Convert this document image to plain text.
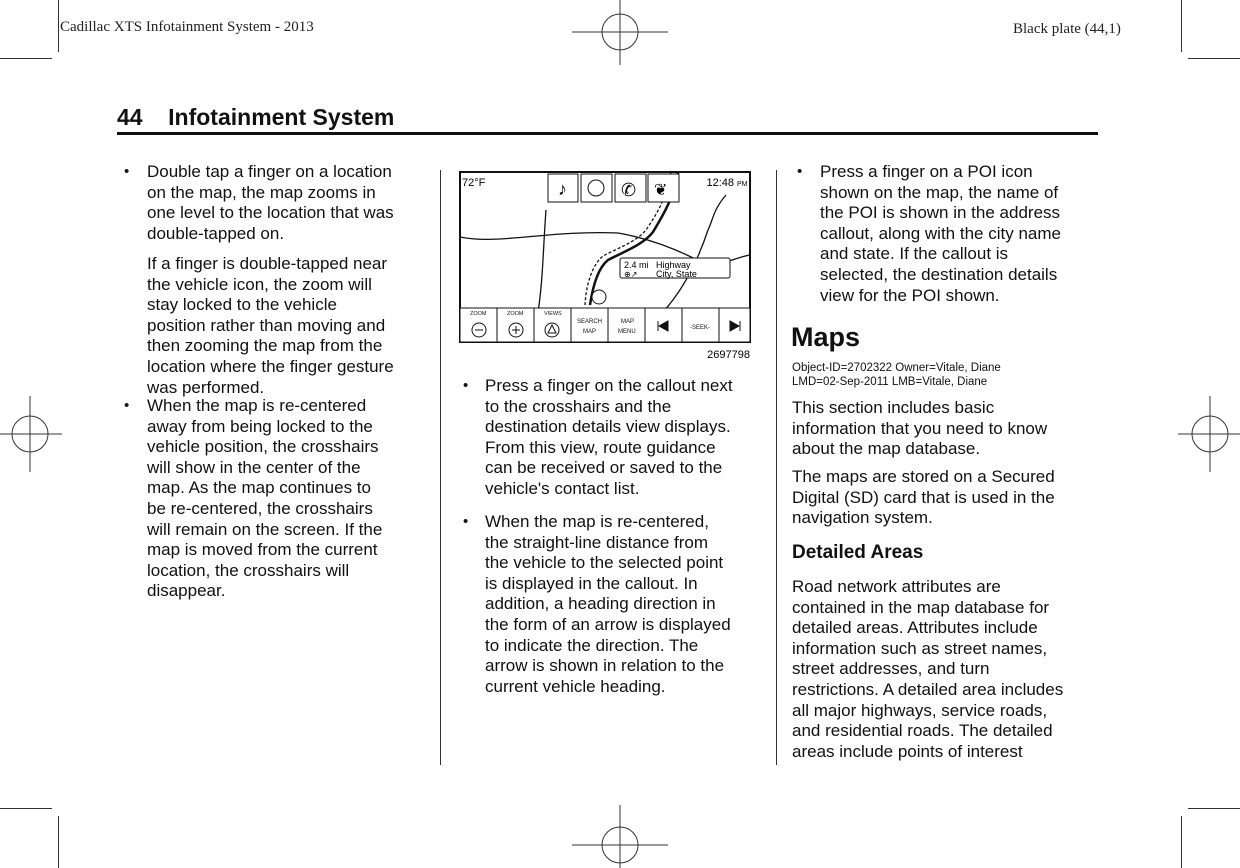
Cadillac XTS Infotainment System - 2013	Black plate (44,1)
44 Infotainment System
• Double tap a finger on a location
on the map, the map zooms in
one level to the location that was
double-tapped on.
If a finger is double-tapped near
the vehicle icon, the zoom will
stay locked to the vehicle
position rather than moving and
then zooming the map from the
location where the finger gesture
was performed.
• When the map is re-centered
away from being locked to the
vehicle position, the crosshairs
will show in the center of the
map. As the map continues to
be re-centered, the crosshairs
will remain on the screen. If the
map is moved from the current
location, the crosshairs will
disappear.
♪	✆ ❦
72°F	12:48 PM
2.4 mi
⊕↗
Highway
City, State
ZOOM	ZOOM	VIEWS
SEARCH
MAP
MAP
MENU
-SEEK-
2697798
• Press a finger on the callout next
to the crosshairs and the
destination details view displays.
From this view, route guidance
can be received or saved to the
vehicle's contact list.
• When the map is re-centered,
the straight-line distance from
the vehicle to the selected point
is displayed in the callout. In
addition, a heading direction in
the form of an arrow is displayed
to indicate the direction. The
arrow is shown in relation to the
current vehicle heading.
• Press a finger on a POI icon
shown on the map, the name of
the POI is shown in the address
callout, along with the city name
and state. If the callout is
selected, the destination details
view for the POI shown.
Maps
Object-ID=2702322 Owner=Vitale, Diane
LMD=02-Sep-2011 LMB=Vitale, Diane
This section includes basic
information that you need to know
about the map database.
The maps are stored on a Secured
Digital (SD) card that is used in the
navigation system.
Detailed Areas
Road network attributes are
contained in the map database for
detailed areas. Attributes include
information such as street names,
street addresses, and turn
restrictions. A detailed area includes
all major highways, service roads,
and residential roads. The detailed
areas include points of interest
